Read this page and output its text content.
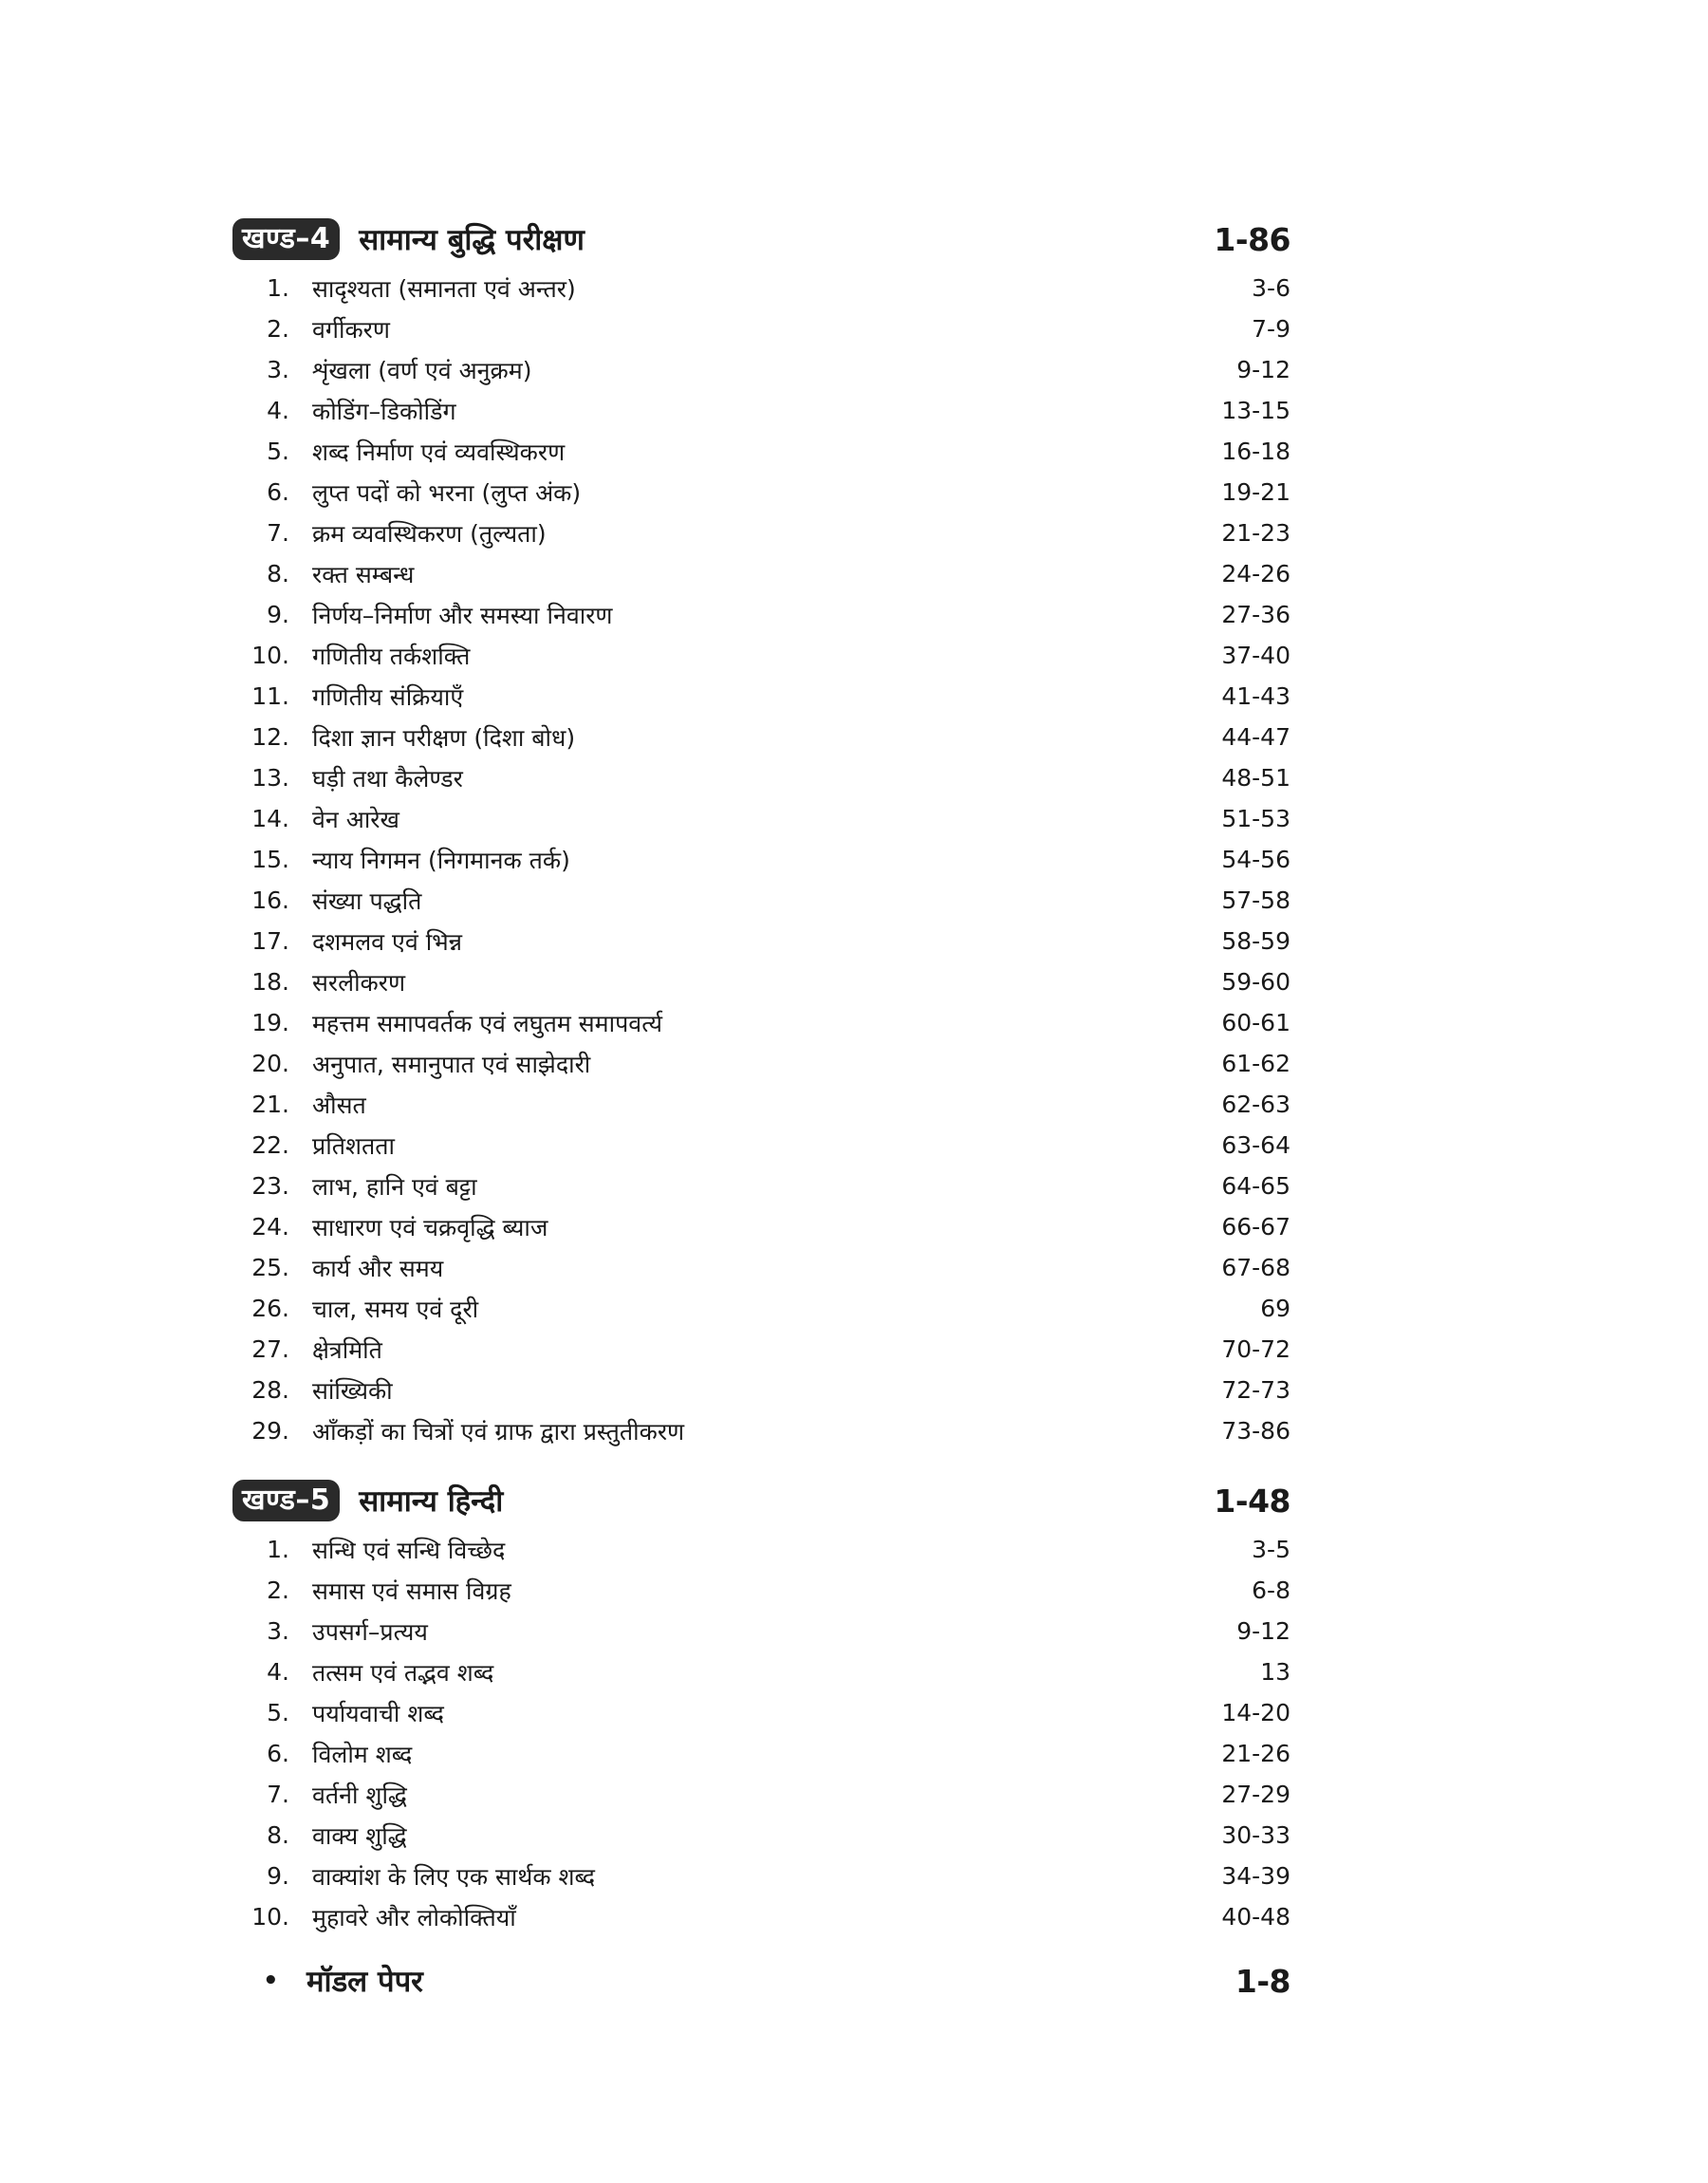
खण्ड–4 सामान्य बुद्धि परीक्षण	1-86
1. सादृश्यता (समानता एवं अन्तर)	3-6
2. वर्गीकरण	7-9
3. शृंखला (वर्ण एवं अनुक्रम)	9-12
4. कोडिंग–डिकोडिंग	13-15
5. शब्द निर्माण एवं व्यवस्थिकरण	16-18
6. लुप्त पदों को भरना (लुप्त अंक)	19-21
7. क्रम व्यवस्थिकरण (तुल्यता)	21-23
8. रक्त सम्बन्ध	24-26
9. निर्णय–निर्माण और समस्या निवारण	27-36
10. गणितीय तर्कशक्ति	37-40
11. गणितीय संक्रियाएँ	41-43
12. दिशा ज्ञान परीक्षण (दिशा बोध)	44-47
13. घड़ी तथा कैलेण्डर	48-51
14. वेन आरेख	51-53
15. न्याय निगमन (निगमानक तर्क)	54-56
16. संख्या पद्धति	57-58
17. दशमलव एवं भिन्न	58-59
18. सरलीकरण	59-60
19. महत्तम समापवर्तक एवं लघुतम समापवर्त्य	60-61
20. अनुपात, समानुपात एवं साझेदारी	61-62
21. औसत	62-63
22. प्रतिशतता	63-64
23. लाभ, हानि एवं बट्टा	64-65
24. साधारण एवं चक्रवृद्धि ब्याज	66-67
25. कार्य और समय	67-68
26. चाल, समय एवं दूरी	69
27. क्षेत्रमिति	70-72
28. सांख्यिकी	72-73
29. आँकड़ों का चित्रों एवं ग्राफ द्वारा प्रस्तुतीकरण	73-86
खण्ड–5 सामान्य हिन्दी	1-48
1. सन्धि एवं सन्धि विच्छेद	3-5
2. समास एवं समास विग्रह	6-8
3. उपसर्ग–प्रत्यय	9-12
4. तत्सम एवं तद्भव शब्द	13
5. पर्यायवाची शब्द	14-20
6. विलोम शब्द	21-26
7. वर्तनी शुद्धि	27-29
8. वाक्य शुद्धि	30-33
9. वाक्यांश के लिए एक सार्थक शब्द	34-39
10. मुहावरे और लोकोक्तियाँ	40-48
• मॉडल पेपर	1-8
